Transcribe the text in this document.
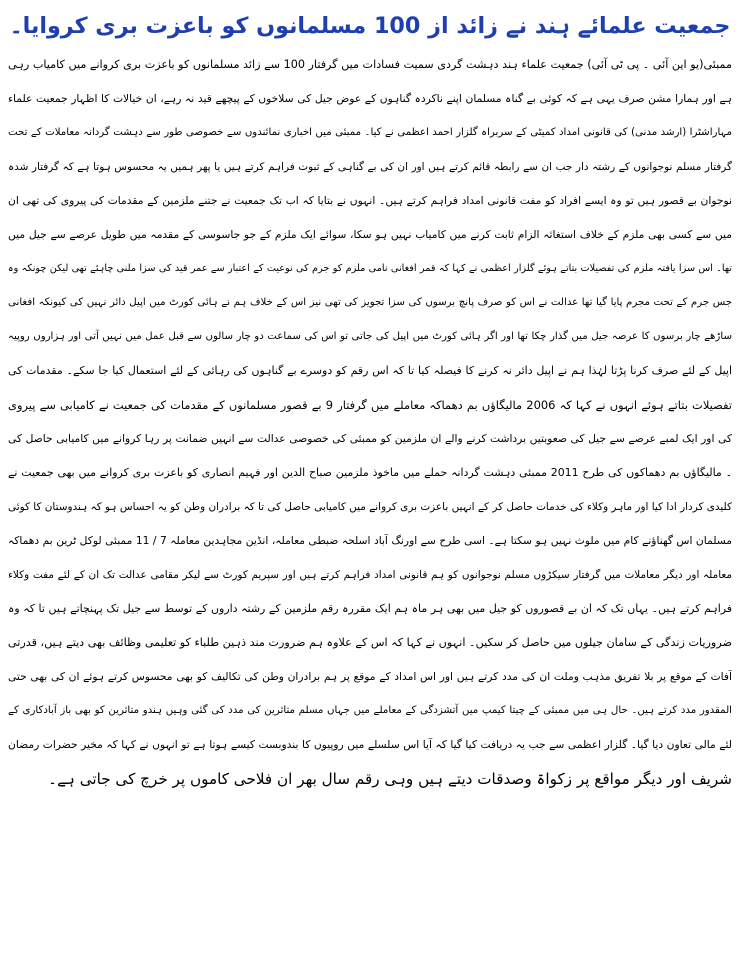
جمعیت علمائے ہند نے زائد از 100 مسلمانوں کو باعزت بری کروایا۔
ممبئی(یو این آئی ۔ پی ٹی آئی) جمعیت علماء ہند دہشت گردی سمیت فسادات میں گرفتار 100 سے زائد مسلمانوں کو باعزت بری کروانے میں کامیاب رہی
ہے اور ہمارا مشن صرف یہی ہے کہ کوئی بے گناہ مسلمان اپنے ناکردہ گناہوں کے عوض جیل کی سلاخوں کے پیچھے قید نہ رہے، ان خیالات کا اظہار جمعیت علماء
مہاراشٹرا (ارشد مدنی) کی قانونی امداد کمیٹی کے سربراہ گلزار احمد اعظمی نے کیا۔ ممبئی میں اخباری نمائندوں سے خصوصی طور سے دہشت گردانہ معاملات کے تحت
گرفتار مسلم نوجوانوں کے رشتہ دار جب ان سے رابطہ قائم کرتے ہیں اور ان کی بے گناہی کے ثبوت فراہم کرتے ہیں یا پھر ہمیں یہ محسوس ہوتا ہے کہ گرفتار شدہ
نوجوان بے قصور ہیں تو وہ ایسے افراد کو مفت قانونی امداد فراہم کرتے ہیں۔ انہوں نے بتایا کہ اب تک جمعیت نے جتنے ملزمین کے مقدمات کی پیروی کی تھی ان
میں سے کسی بھی ملزم کے خلاف استغاثہ الزام ثابت کرنے میں کامیاب نہیں ہو سکا، سوائے ایک ملزم کے جو جاسوسی کے مقدمہ میں طویل عرصے سے جیل میں
تھا۔ اس سزا یافتہ ملزم کی تفصیلات بتاتے ہوئے گلزار اعظمی نے کہا کہ قمر افغانی نامی ملزم کو جرم کی نوعیت کے اعتبار سے عمر قید کی سزا ملنی چاہئے تھی لیکن چونکہ وہ
جس جرم کے تحت مجرم پایا گیا تھا عدالت نے اس کو صرف پانچ برسوں کی سزا تجویز کی تھی نیز اس کے خلاف ہم نے ہائی کورٹ میں اپیل دائر نہیں کی کیونکہ افغانی
ساڑھے چار برسوں کا عرصہ جیل میں گذار چکا تھا اور اگر ہائی کورٹ میں اپیل کی جاتی تو اس کی سماعت دو چار سالوں سے قبل عمل میں نہیں آتی اور ہزاروں روپیہ
اپیل کے لئے صرف کرنا پڑتا لہٰذا ہم نے اپیل دائر نہ کرنے کا فیصلہ کیا تا کہ اس رقم کو دوسرے بے گناہوں کی رہائی کے لئے استعمال کیا جا سکے۔ مقدمات کی
تفصیلات بتاتے ہوئے انہوں نے کہا کہ 2006 مالیگاؤں بم دھماکہ معاملے میں گرفتار 9 بے قصور مسلمانوں کے مقدمات کی جمعیت نے کامیابی سے پیروی
کی اور ایک لمبے عرصے سے جیل کی صعوبتیں برداشت کرنے والے ان ملزمین کو ممبئی کی خصوصی عدالت سے انہیں ضمانت پر رہا کروانے میں کامیابی حاصل کی
۔ مالیگاؤں بم دھماکوں کی طرح 2011 ممبئی دہشت گردانہ حملے میں ماخوذ ملزمین صباح الدین اور فہیم انصاری کو باعزت بری کروانے میں بھی جمعیت نے
کلیدی کردار ادا کیا اور ماہر وکلاء کی خدمات حاصل کر کے انہیں باعزت بری کروانے میں کامیابی حاصل کی تا کہ برادران وطن کو یہ احساس ہو کہ ہندوستان کا کوئی
مسلمان اس گھناؤنے کام میں ملوث نہیں ہو سکتا ہے۔ اسی طرح سے اورنگ آباد اسلحہ ضبطی معاملہ، انڈین مجاہدین معاملہ 7 / 11 ممبئی لوکل ٹرین بم دھماکہ
معاملہ اور دیگر معاملات میں گرفتار سیکڑوں مسلم نوجوانوں کو ہم قانونی امداد فراہم کرتے ہیں اور سپریم کورٹ سے لیکر مقامی عدالت تک ان کے لئے مفت وکلاء
فراہم کرتے ہیں۔ یہاں تک کہ ان بے قصوروں کو جیل میں بھی ہر ماہ ہم ایک مقررہ رقم ملزمین کے رشتہ داروں کے توسط سے جیل تک پہنچاتے ہیں تا کہ وہ
ضروریات زندگی کے سامان جیلوں میں حاصل کر سکیں۔ انہوں نے کہا کہ اس کے علاوہ ہم ضرورت مند ذہین طلباء کو تعلیمی وظائف بھی دیتے ہیں، قدرتی
آفات کے موقع پر بلا تفریق مذہب وملت ان کی مدد کرتے ہیں اور اس امداد کے موقع پر ہم برادران وطن کی تکالیف کو بھی محسوس کرتے ہوئے ان کی بھی حتی
المقدور مدد کرتے ہیں۔ حال ہی میں ممبئی کے چیتا کیمپ میں آتشزدگی کے معاملے میں جہاں مسلم متاثرین کی مدد کی گئی وہیں ہندو متاثرین کو بھی باز آبادکاری کے
لئے مالی تعاون دیا گیا۔ گلزار اعظمی سے جب یہ دریافت کیا گیا کہ آیا اس سلسلے میں روپیوں کا بندوبست کیسے ہوتا ہے تو انہوں نے کہا کہ مخیر حضرات رمضان
شریف اور دیگر مواقع پر زکواۃ وصدقات دیتے ہیں وہی رقم سال بھر ان فلاحی کاموں پر خرچ کی جاتی ہے۔
